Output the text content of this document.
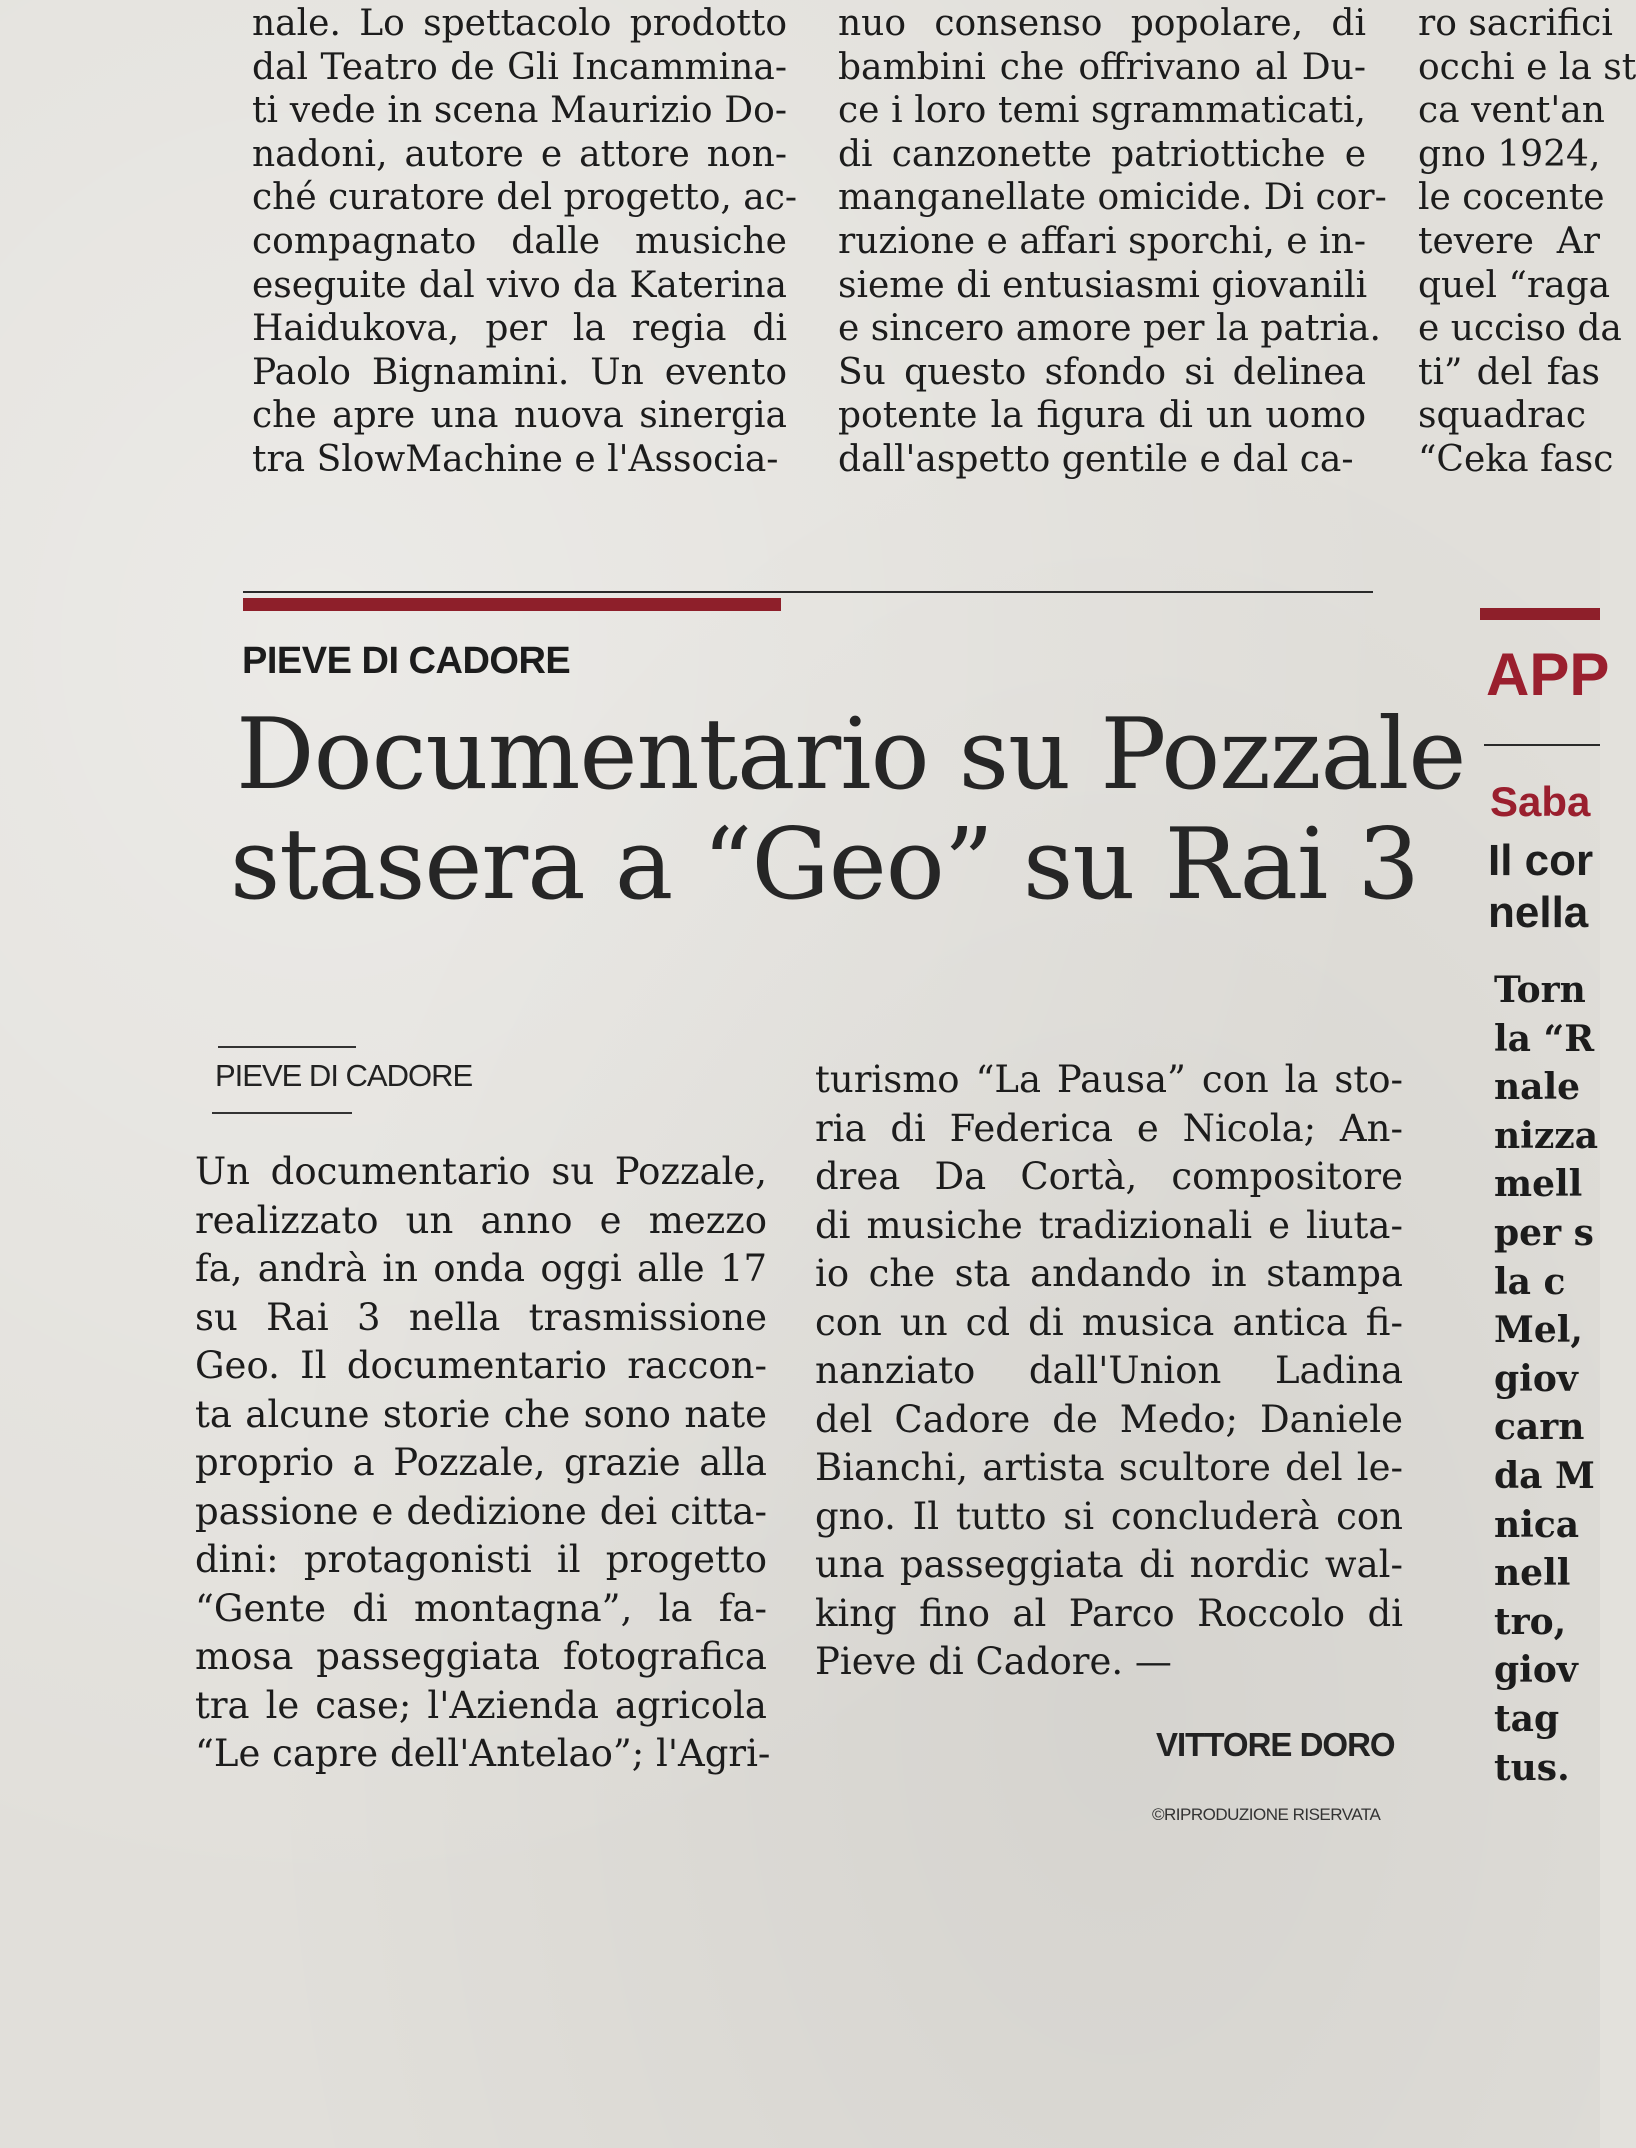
nale. Lo spettacolo prodotto
dal Teatro de Gli Incammina-
ti vede in scena Maurizio Do-
nadoni, autore e attore non-
ché curatore del progetto, ac-
compagnato dalle musiche
eseguite dal vivo da Katerina
Haidukova, per la regia di
Paolo Bignamini. Un evento
che apre una nuova sinergia
tra SlowMachine e l'Associa-
nuo consenso popolare, di
bambini che offrivano al Du-
ce i loro temi sgrammaticati,
di canzonette patriottiche e
manganellate omicide. Di cor-
ruzione e affari sporchi, e in-
sieme di entusiasmi giovanili
e sincero amore per la patria.
Su questo sfondo si delinea
potente la figura di un uomo
dall'aspetto gentile e dal ca-
ro sacrifici
occhi e la st
ca vent'an
gno 1924,
le cocente
tevere Ar
quel “raga
e ucciso da
ti” del fas
squadrac
“Ceka fasc
PIEVE DI CADORE
Documentario su Pozzale
stasera a “Geo” su Rai 3
PIEVE DI CADORE
Un documentario su Pozzale,
realizzato un anno e mezzo
fa, andrà in onda oggi alle 17
su Rai 3 nella trasmissione
Geo. Il documentario raccon-
ta alcune storie che sono nate
proprio a Pozzale, grazie alla
passione e dedizione dei citta-
dini: protagonisti il progetto
“Gente di montagna”, la fa-
mosa passeggiata fotografica
tra le case; l'Azienda agricola
“Le capre dell'Antelao”; l'Agri-
turismo “La Pausa” con la sto-
ria di Federica e Nicola; An-
drea Da Cortà, compositore
di musiche tradizionali e liuta-
io che sta andando in stampa
con un cd di musica antica fi-
nanziato dall'Union Ladina
del Cadore de Medo; Daniele
Bianchi, artista scultore del le-
gno. Il tutto si concluderà con
una passeggiata di nordic wal-
king fino al Parco Roccolo di
Pieve di Cadore. —
VITTORE DORO
©RIPRODUZIONE RISERVATA
APP
Saba
Il cor
nella
Torn
la “R
nale
nizza
mell
per s
la c
Mel,
giov
carn
da M
nica
nell
tro,
giov
tag
tus.
